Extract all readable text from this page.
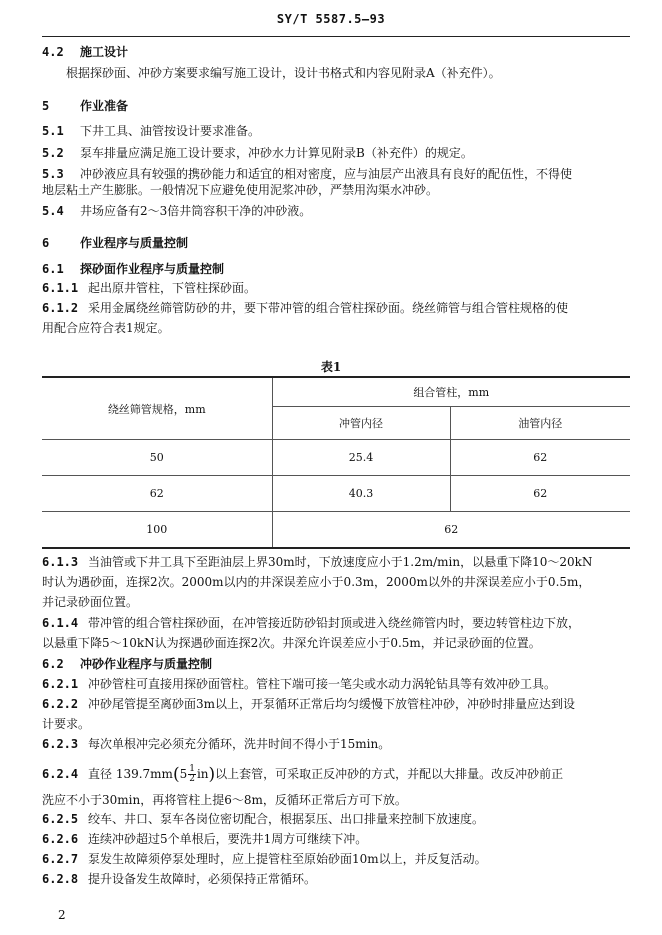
SY/T 5587.5—93
4.2 施工设计
根据探砂面、冲砂方案要求编写施工设计，设计书格式和内容见附录A（补充件）。
5	作业准备
5.1 下井工具、油管按设计要求准备。
5.2 泵车排量应满足施工设计要求，冲砂水力计算见附录B（补充件）的规定。
5.3 冲砂液应具有较强的携砂能力和适宜的相对密度，应与油层产出液具有良好的配伍性，不得使
地层粘土产生膨胀。一般情况下应避免使用泥浆冲砂，严禁用沟渠水冲砂。
5.4 井场应备有2～3倍井筒容积干净的冲砂液。
6	作业程序与质量控制
6.1 探砂面作业程序与质量控制
6.1.1 起出原井管柱，下管柱探砂面。
6.1.2 采用金属绕丝筛管防砂的井，要下带冲管的组合管柱探砂面。绕丝筛管与组合管柱规格的使
用配合应符合表1规定。
表1
绕丝筛管规格，mm	组合管柱，mm	
	冲管内径	油管内径
50	25.4	62
62	40.3	62
100	62	
6.1.3 当油管或下井工具下至距油层上界30m时，下放速度应小于1.2m/min，以悬重下降10～20kN
时认为遇砂面，连探2次。2000m以内的井深误差应小于0.3m，2000m以外的井深误差应小于0.5m，
并记录砂面位置。
6.1.4 带冲管的组合管柱探砂面，在冲管接近防砂铅封顶或进入绕丝筛管内时，要边转管柱边下放，
以悬重下降5～10kN认为探遇砂面连探2次。井深允许误差应小于0.5m，并记录砂面的位置。
6.2 冲砂作业程序与质量控制
6.2.1 冲砂管柱可直接用探砂面管柱。管柱下端可接一笔尖或水动力涡轮钻具等有效冲砂工具。
6.2.2 冲砂尾管提至离砂面3m以上，开泵循环正常后均匀缓慢下放管柱冲砂，冲砂时排量应达到设
计要求。
6.2.3 每次单根冲完必须充分循环，洗井时间不得小于15min。
6.2.4 直径 $139.7mm(5 \frac{1}{2} in)$以上套管，可采取正反冲砂的方式，并配以大排量。改反冲砂前正
洗应不小于30min，再将管柱上提6～8m，反循环正常后方可下放。
6.2.5 绞车、井口、泵车各岗位密切配合，根据泵压、出口排量来控制下放速度。
6.2.6 连续冲砂超过5个单根后，要洗井1周方可继续下冲。
6.2.7 泵发生故障须停泵处理时，应上提管柱至原始砂面10m以上，并反复活动。
6.2.8 提升设备发生故障时，必须保持正常循环。
2
